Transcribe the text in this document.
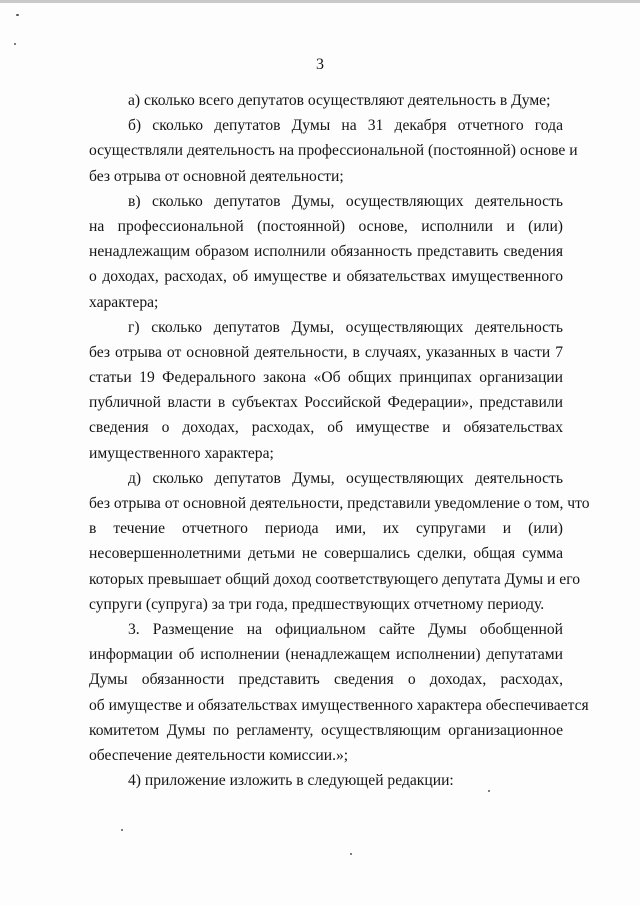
3
а) сколько всего депутатов осуществляют деятельность в Думе;
б) сколько депутатов Думы на 31 декабря отчетного года
осуществляли деятельность на профессиональной (постоянной) основе и
без отрыва от основной деятельности;
в) сколько депутатов Думы, осуществляющих деятельность
на профессиональной (постоянной) основе, исполнили и (или)
ненадлежащим образом исполнили обязанность представить сведения
о доходах, расходах, об имуществе и обязательствах имущественного
характера;
г) сколько депутатов Думы, осуществляющих деятельность
без отрыва от основной деятельности, в случаях, указанных в части 7
статьи 19 Федерального закона «Об общих принципах организации
публичной власти в субъектах Российской Федерации», представили
сведения о доходах, расходах, об имуществе и обязательствах
имущественного характера;
д) сколько депутатов Думы, осуществляющих деятельность
без отрыва от основной деятельности, представили уведомление о том, что
в течение отчетного периода ими, их супругами и (или)
несовершеннолетними детьми не совершались сделки, общая сумма
которых превышает общий доход соответствующего депутата Думы и его
супруги (супруга) за три года, предшествующих отчетному периоду.
3. Размещение на официальном сайте Думы обобщенной
информации об исполнении (ненадлежащем исполнении) депутатами
Думы обязанности представить сведения о доходах, расходах,
об имуществе и обязательствах имущественного характера обеспечивается
комитетом Думы по регламенту, осуществляющим организационное
обеспечение деятельности комиссии.»;
4) приложение изложить в следующей редакции:
